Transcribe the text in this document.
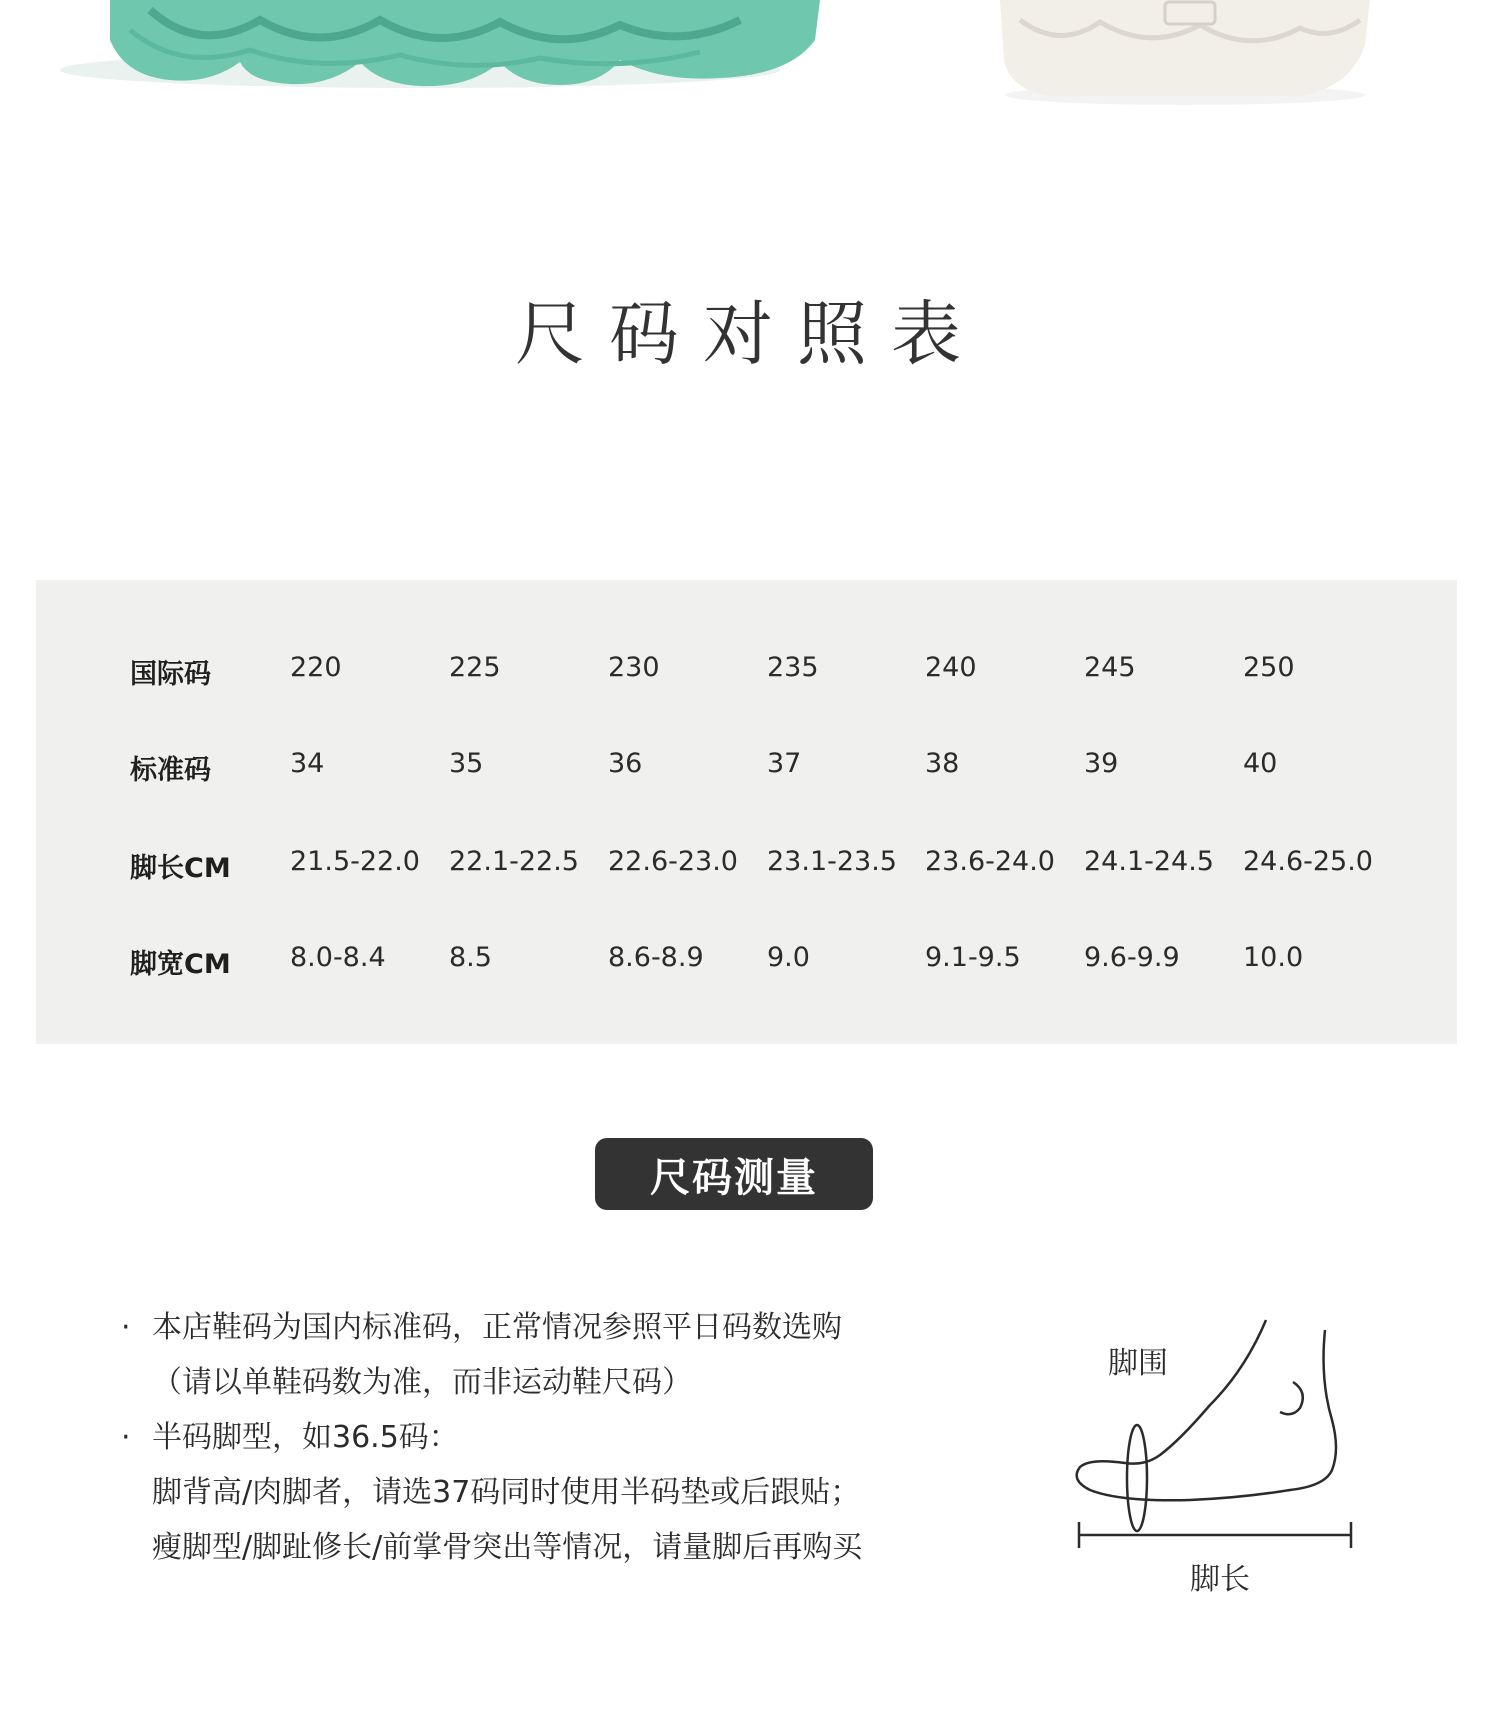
尺码对照表
国际码	220	225	230	235	240	245	250
标准码	34	35	36	37	38	39	40
脚长CM 21.5-22.0 22.1-22.5 22.6-23.0 23.1-23.5 23.6-24.0 24.1-24.5 24.6-25.0
脚宽CM 8.0-8.4 8.5	8.6-8.9 9.0	9.1-9.5 9.6-9.9 10.0
尺码测量
· 本店鞋码为国内标准码，正常情况参照平日码数选购
（请以单鞋码数为准，而非运动鞋尺码）
· 半码脚型，如36.5码：
脚背高/肉脚者，请选37码同时使用半码垫或后跟贴；
瘦脚型/脚趾修长/前掌骨突出等情况，请量脚后再购买
脚围
脚长
